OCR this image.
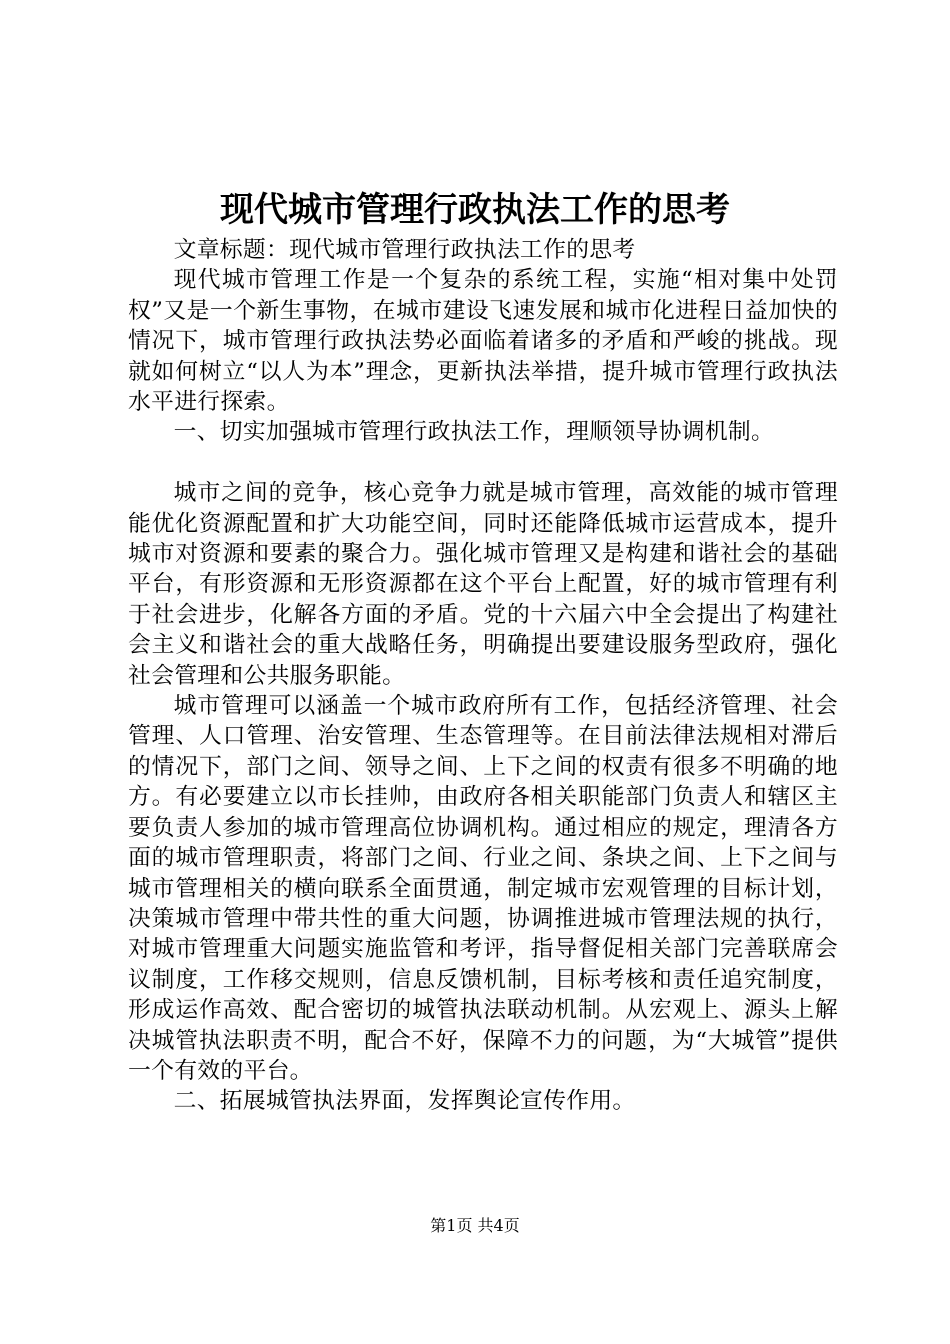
现代城市管理行政执法工作的思考

文章标题：现代城市管理行政执法工作的思考

现代城市管理工作是一个复杂的系统工程，实施“相对集中处罚权”又是一个新生事物，在城市建设飞速发展和城市化进程日益加快的情况下，城市管理行政执法势必面临着诸多的矛盾和严峻的挑战。现就如何树立“以人为本”理念，更新执法举措，提升城市管理行政执法水平进行探索。

一、切实加强城市管理行政执法工作，理顺领导协调机制。

城市之间的竞争，核心竞争力就是城市管理，高效能的城市管理能优化资源配置和扩大功能空间，同时还能降低城市运营成本，提升城市对资源和要素的聚合力。强化城市管理又是构建和谐社会的基础平台，有形资源和无形资源都在这个平台上配置，好的城市管理有利于社会进步，化解各方面的矛盾。党的十六届六中全会提出了构建社会主义和谐社会的重大战略任务，明确提出要建设服务型政府，强化社会管理和公共服务职能。

城市管理可以涵盖一个城市政府所有工作，包括经济管理、社会管理、人口管理、治安管理、生态管理等。在目前法律法规相对滞后的情况下，部门之间、领导之间、上下之间的权责有很多不明确的地方。有必要建立以市长挂帅，由政府各相关职能部门负责人和辖区主要负责人参加的城市管理高位协调机构。通过相应的规定，理清各方面的城市管理职责，将部门之间、行业之间、条块之间、上下之间与城市管理相关的横向联系全面贯通，制定城市宏观管理的目标计划，决策城市管理中带共性的重大问题，协调推进城市管理法规的执行，对城市管理重大问题实施监管和考评，指导督促相关部门完善联席会议制度，工作移交规则，信息反馈机制，目标考核和责任追究制度，形成运作高效、配合密切的城管执法联动机制。从宏观上、源头上解决城管执法职责不明，配合不好，保障不力的问题，为“大城管”提供一个有效的平台。

二、拓展城管执法界面，发挥舆论宣传作用。

第1页 共4页
